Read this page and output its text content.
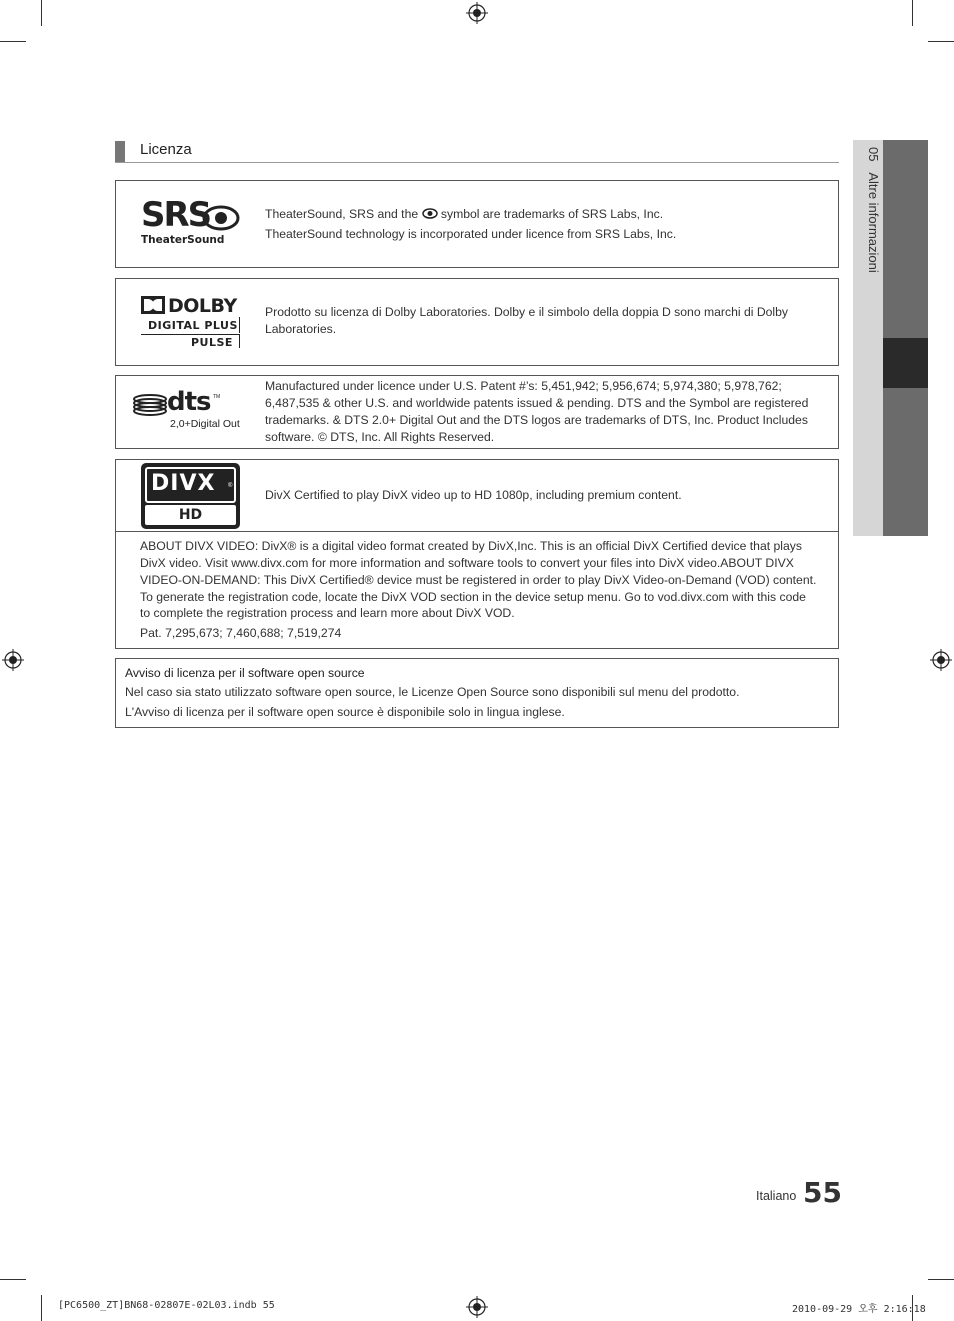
05   Altre informazioni
Licenza
SRS
TheaterSound
TheaterSound, SRS and the symbol are trademarks of SRS Labs, Inc.
TheaterSound technology is incorporated under licence from SRS Labs, Inc.
DOLBY
DIGITAL PLUS
PULSE
Prodotto su licenza di Dolby Laboratories. Dolby e il simbolo della doppia D sono marchi di Dolby
Laboratories.
dts TM
2,0+Digital Out
Manufactured under licence under U.S. Patent #’s: 5,451,942; 5,956,674; 5,974,380; 5,978,762;
6,487,535 & other U.S. and worldwide patents issued & pending. DTS and the Symbol are registered
trademarks. & DTS 2.0+ Digital Out and the DTS logos are trademarks of DTS, Inc. Product Includes
software. © DTS, Inc. All Rights Reserved.
DIVX ®
HD
DivX Certified to play DivX video up to HD 1080p, including premium content.
ABOUT DIVX VIDEO: DivX® is a digital video format created by DivX,Inc. This is an official DivX Certified device that plays
DivX video. Visit www.divx.com for more information and software tools to convert your files into DivX video.ABOUT DIVX
VIDEO-ON-DEMAND: This DivX Certified® device must be registered in order to play DivX Video-on-Demand (VOD) content.
To generate the registration code, locate the DivX VOD section in the device setup menu. Go to vod.divx.com with this code
to complete the registration process and learn more about DivX VOD.
Pat. 7,295,673; 7,460,688; 7,519,274
Avviso di licenza per il software open source
Nel caso sia stato utilizzato software open source, le Licenze Open Source sono disponibili sul menu del prodotto.
L'Avviso di licenza per il software open source è disponibile solo in lingua inglese.
Italiano 55
[PC6500_ZT]BN68-02807E-02L03.indb 55	2010-09-29 오후 2:16:18
